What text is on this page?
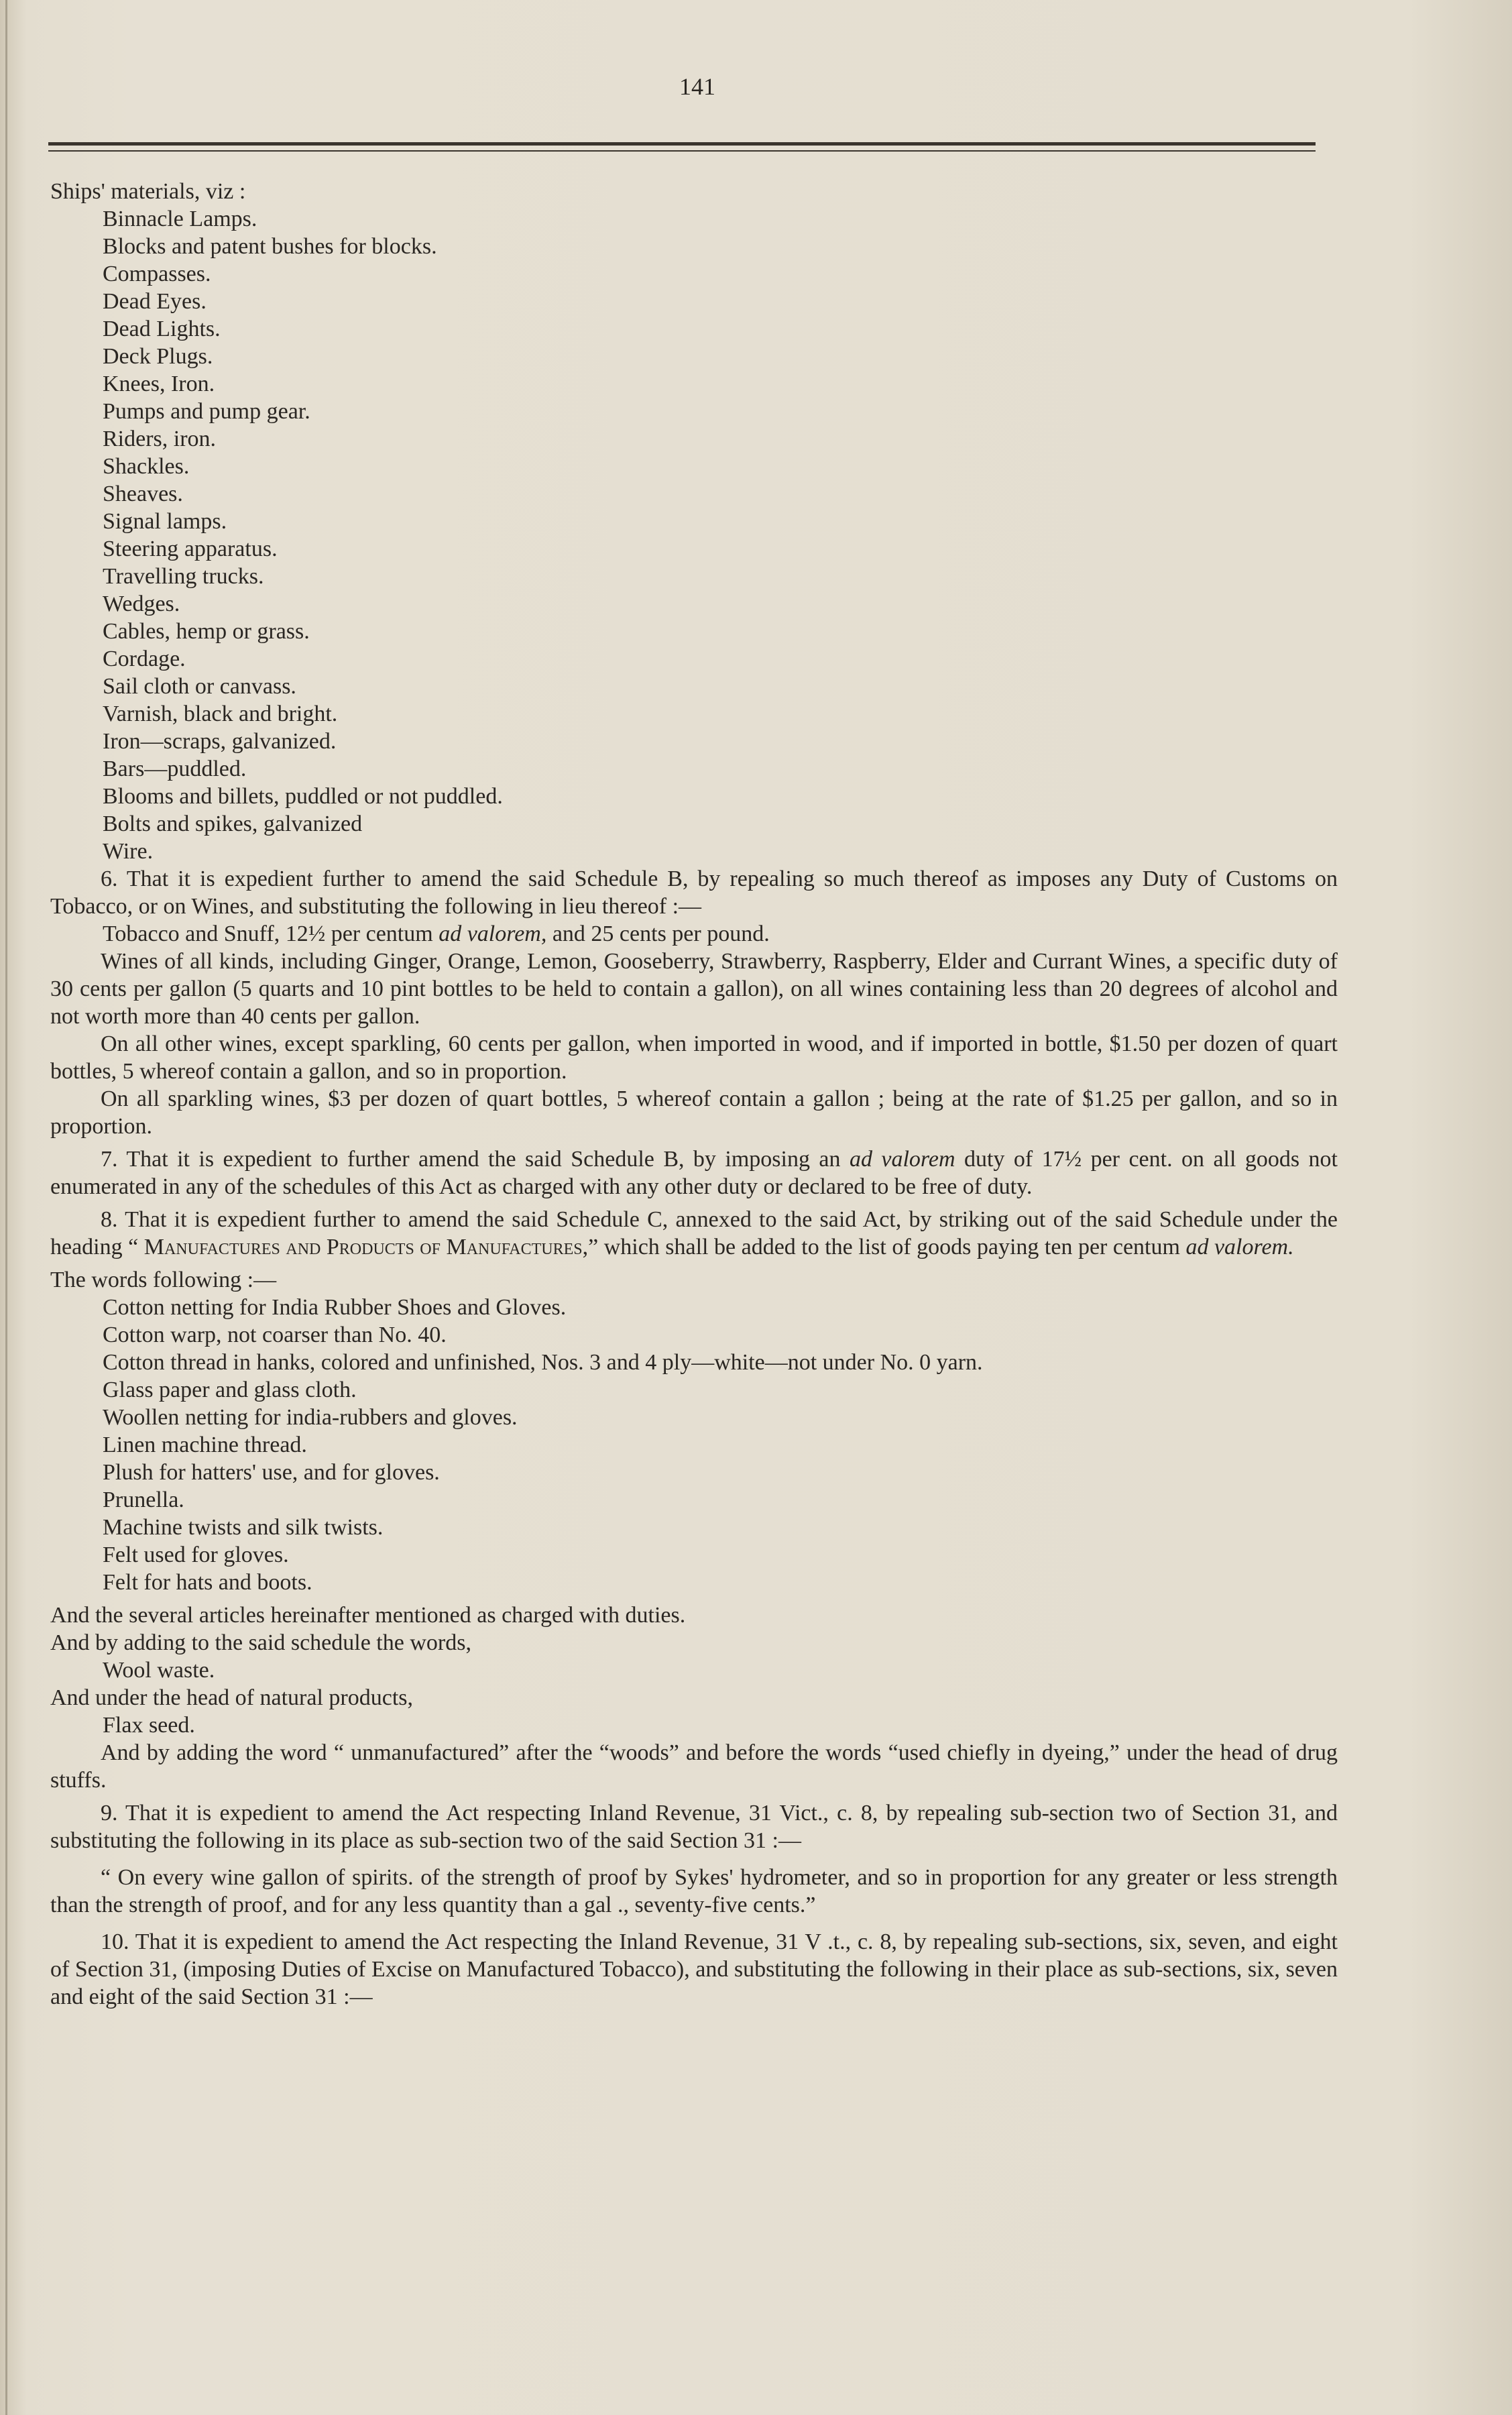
141
Ships' materials, viz :
Binnacle Lamps.
Blocks and patent bushes for blocks.
Compasses.
Dead Eyes.
Dead Lights.
Deck Plugs.
Knees, Iron.
Pumps and pump gear.
Riders, iron.
Shackles.
Sheaves.
Signal lamps.
Steering apparatus.
Travelling trucks.
Wedges.
Cables, hemp or grass.
Cordage.
Sail cloth or canvass.
Varnish, black and bright.
Iron—scraps, galvanized.
Bars—puddled.
Blooms and billets, puddled or not puddled.
Bolts and spikes, galvanized
Wire.
6. That it is expedient further to amend the said Schedule B, by repealing so much thereof as imposes any Duty of Customs on Tobacco, or on Wines, and substituting the following in lieu thereof :—
Tobacco and Snuff, 12½ per centum ad valorem, and 25 cents per pound.
Wines of all kinds, including Ginger, Orange, Lemon, Gooseberry, Strawberry, Raspberry, Elder and Currant Wines, a specific duty of 30 cents per gallon (5 quarts and 10 pint bottles to be held to contain a gallon), on all wines containing less than 20 degrees of alcohol and not worth more than 40 cents per gallon.
On all other wines, except sparkling, 60 cents per gallon, when imported in wood, and if imported in bottle, $1.50 per dozen of quart bottles, 5 whereof contain a gallon, and so in proportion.
On all sparkling wines, $3 per dozen of quart bottles, 5 whereof contain a gallon ; being at the rate of $1.25 per gallon, and so in proportion.
7. That it is expedient to further amend the said Schedule B, by imposing an ad valorem duty of 17½ per cent. on all goods not enumerated in any of the schedules of this Act as charged with any other duty or declared to be free of duty.
8. That it is expedient further to amend the said Schedule C, annexed to the said Act, by striking out of the said Schedule under the heading “ Manufactures and Products of Manufactures,” which shall be added to the list of goods paying ten per centum ad valorem.
The words following :—
Cotton netting for India Rubber Shoes and Gloves.
Cotton warp, not coarser than No. 40.
Cotton thread in hanks, colored and unfinished, Nos. 3 and 4 ply—white—not under No. 0 yarn.
Glass paper and glass cloth.
Woollen netting for india-rubbers and gloves.
Linen machine thread.
Plush for hatters' use, and for gloves.
Prunella.
Machine twists and silk twists.
Felt used for gloves.
Felt for hats and boots.
And the several articles hereinafter mentioned as charged with duties.
And by adding to the said schedule the words,
Wool waste.
And under the head of natural products,
Flax seed.
And by adding the word “ unmanufactured” after the “woods” and before the words “used chiefly in dyeing,” under the head of drug stuffs.
9. That it is expedient to amend the Act respecting Inland Revenue, 31 Vict., c. 8, by repealing sub-section two of Section 31, and substituting the following in its place as sub-section two of the said Section 31 :—
“ On every wine gallon of spirits. of the strength of proof by Sykes' hydrometer, and so in proportion for any greater or less strength than the strength of proof, and for any less quantity than a gal ., seventy-five cents.”
10. That it is expedient to amend the Act respecting the Inland Revenue, 31 V .t., c. 8, by repealing sub-sections, six, seven, and eight of Section 31, (imposing Duties of Excise on Manufactured Tobacco), and substituting the following in their place as sub-sections, six, seven and eight of the said Section 31 :—
